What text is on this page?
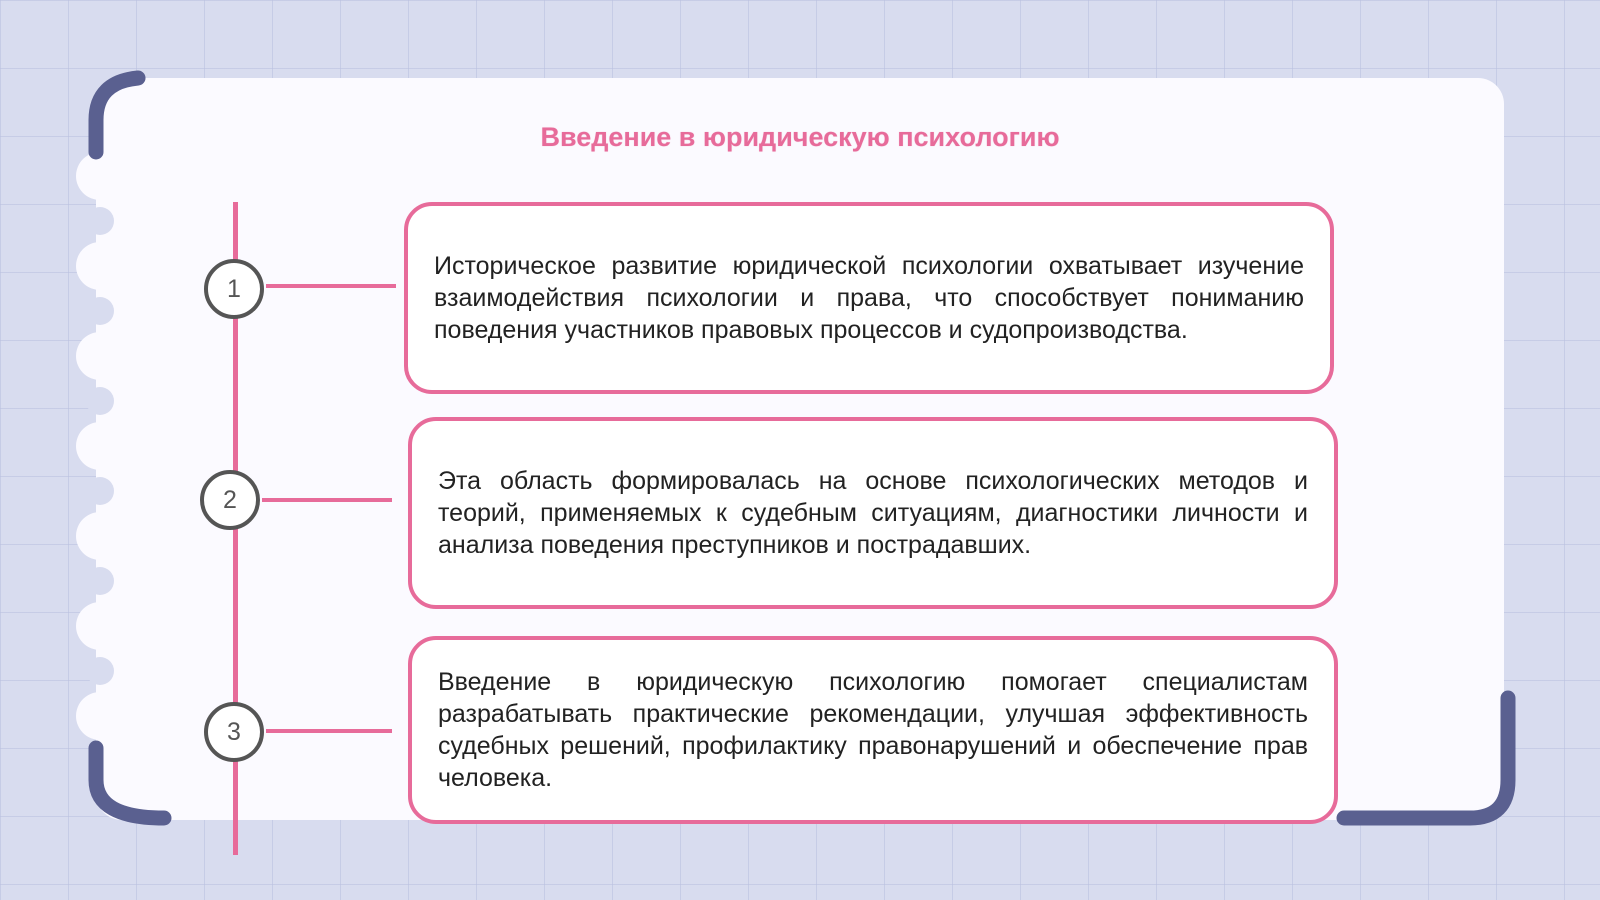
Введение в юридическую психологию
1

Историческое развитие юридической психологии охватывает изучение взаимодействия психологии и права, что способствует пониманию поведения участников правовых процессов и судопроизводства.

2

Эта область формировалась на основе психологических методов и теорий, применяемых к судебным ситуациям, диагностики личности и анализа поведения преступников и пострадавших.

3

Введение в юридическую психологию помогает специалистам разрабатывать практические рекомендации, улучшая эффективность судебных решений, профилактику правонарушений и обеспечение прав человека.
